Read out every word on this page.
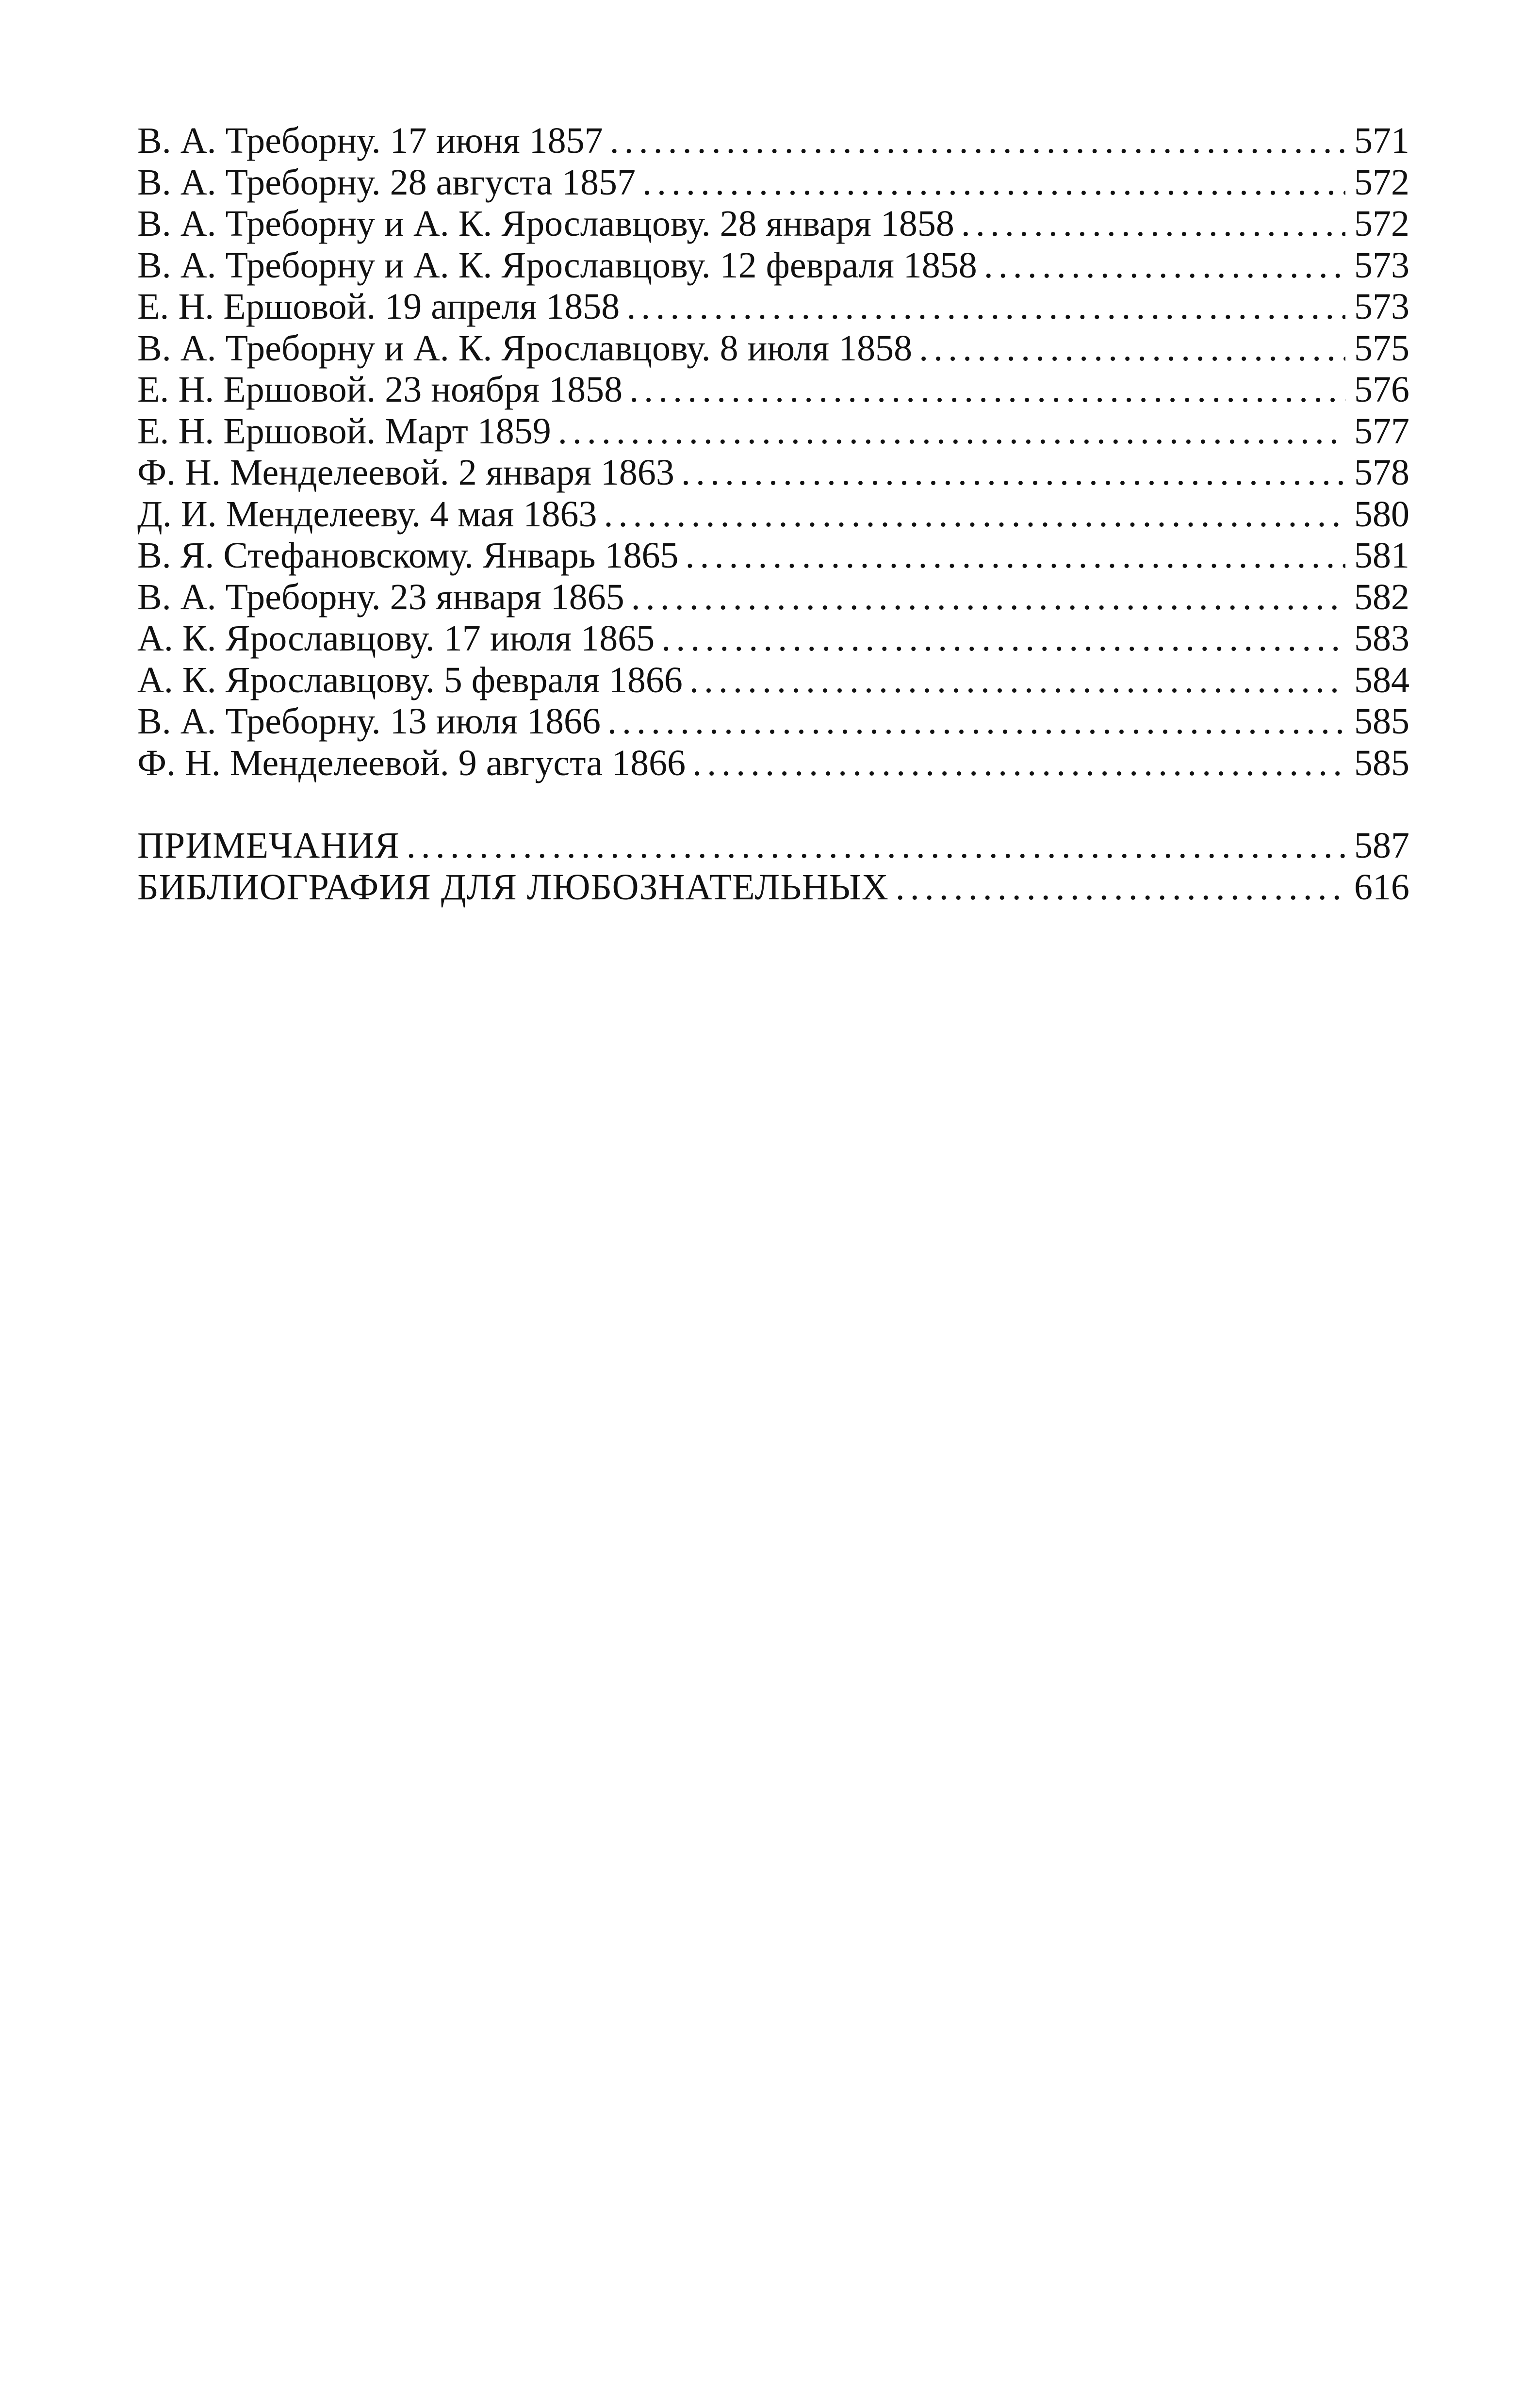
В. А. Треборну. 17 июня 1857 . . .	571
В. А. Треборну. 28 августа 1857 . . .	572
В. А. Треборну и А. К. Ярославцову. 28 января 1858 . . .	572
В. А. Треборну и А. К. Ярославцову. 12 февраля 1858 . . .	573
Е. Н. Ершовой. 19 апреля 1858 . . .	573
В. А. Треборну и А. К. Ярославцову. 8 июля 1858 . . .	575
Е. Н. Ершовой. 23 ноября 1858 . . .	576
Е. Н. Ершовой. Март 1859 . . .	577
Ф. Н. Менделеевой. 2 января 1863 . . .	578
Д. И. Менделееву. 4 мая 1863 . . .	580
В. Я. Стефановскому. Январь 1865 . . .	581
В. А. Треборну. 23 января 1865 . . .	582
А. К. Ярославцову. 17 июля 1865 . . .	583
А. К. Ярославцову. 5 февраля 1866 . . .	584
В. А. Треборну. 13 июля 1866 . . .	585
Ф. Н. Менделеевой. 9 августа 1866 . . .	585
ПРИМЕЧАНИЯ . . .	587
БИБЛИОГРАФИЯ ДЛЯ ЛЮБОЗНАТЕЛЬНЫХ . . .	616
